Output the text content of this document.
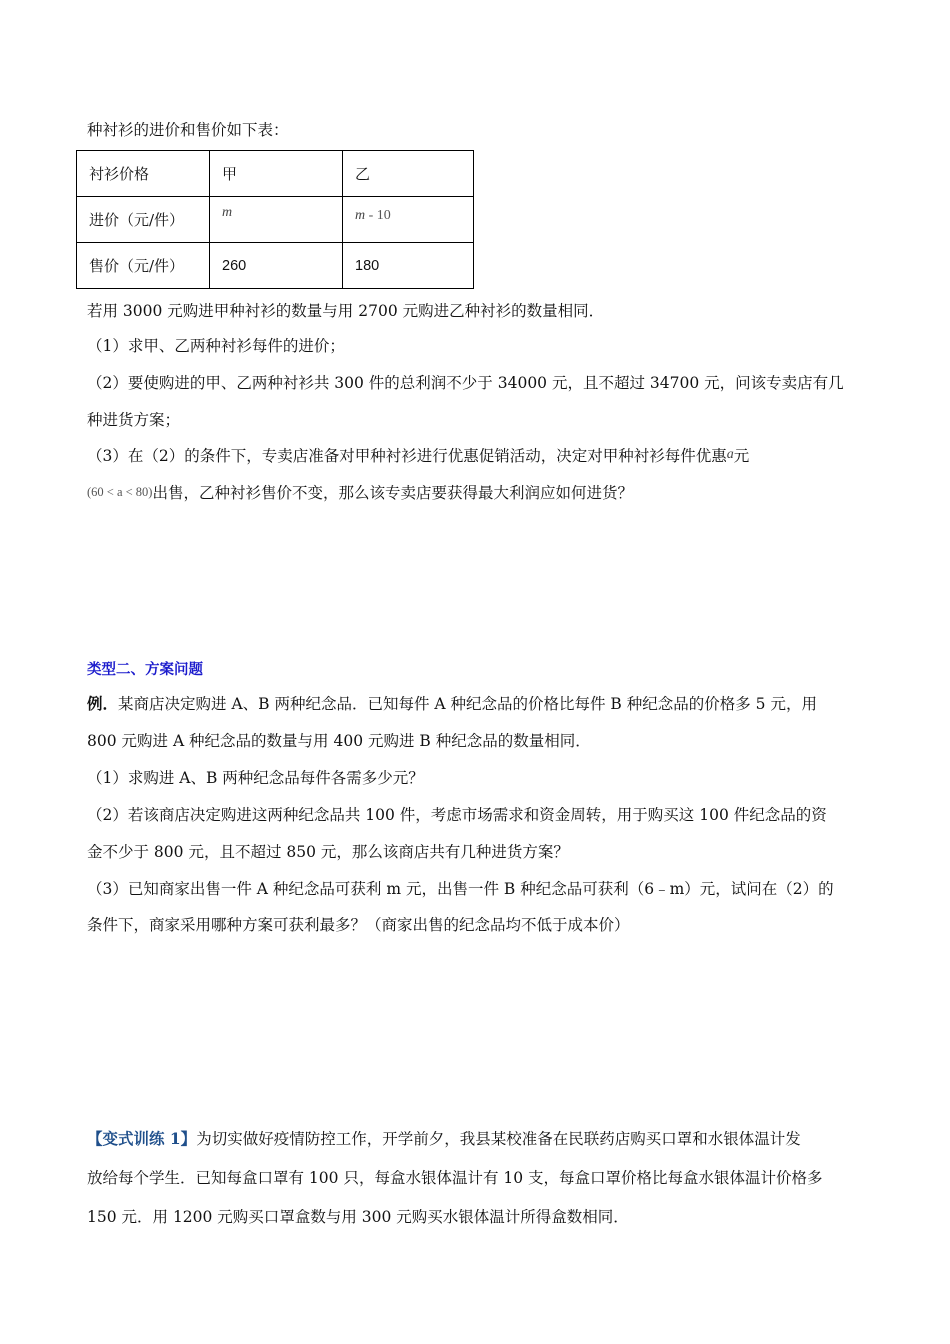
种衬衫的进价和售价如下表：
衬衫价格	甲	乙
进价（元/件）	m	m - 10
售价（元/件）	260	180
若用 3000 元购进甲种衬衫的数量与用 2700 元购进乙种衬衫的数量相同．
（1）求甲、乙两种衬衫每件的进价；
（2）要使购进的甲、乙两种衬衫共 300 件的总利润不少于 34000 元，且不超过 34700 元，问该专卖店有几
种进货方案；
（3）在（2）的条件下，专卖店准备对甲种衬衫进行优惠促销活动，决定对甲种衬衫每件优惠a元
(60 < a < 80)出售，乙种衬衫售价不变，那么该专卖店要获得最大利润应如何进货？
类型二、方案问题
例．某商店决定购进 A、B 两种纪念品．已知每件 A 种纪念品的价格比每件 B 种纪念品的价格多 5 元，用
800 元购进 A 种纪念品的数量与用 400 元购进 B 种纪念品的数量相同．
（1）求购进 A、B 两种纪念品每件各需多少元？
（2）若该商店决定购进这两种纪念品共 100 件，考虑市场需求和资金周转，用于购买这 100 件纪念品的资
金不少于 800 元，且不超过 850 元，那么该商店共有几种进货方案？
（3）已知商家出售一件 A 种纪念品可获利 m 元，出售一件 B 种纪念品可获利（6﹣m）元，试问在（2）的
条件下，商家采用哪种方案可获利最多？（商家出售的纪念品均不低于成本价）
【变式训练 1】为切实做好疫情防控工作，开学前夕，我县某校准备在民联药店购买口罩和水银体温计发
放给每个学生．已知每盒口罩有 100 只，每盒水银体温计有 10 支，每盒口罩价格比每盒水银体温计价格多
150 元．用 1200 元购买口罩盒数与用 300 元购买水银体温计所得盒数相同．
